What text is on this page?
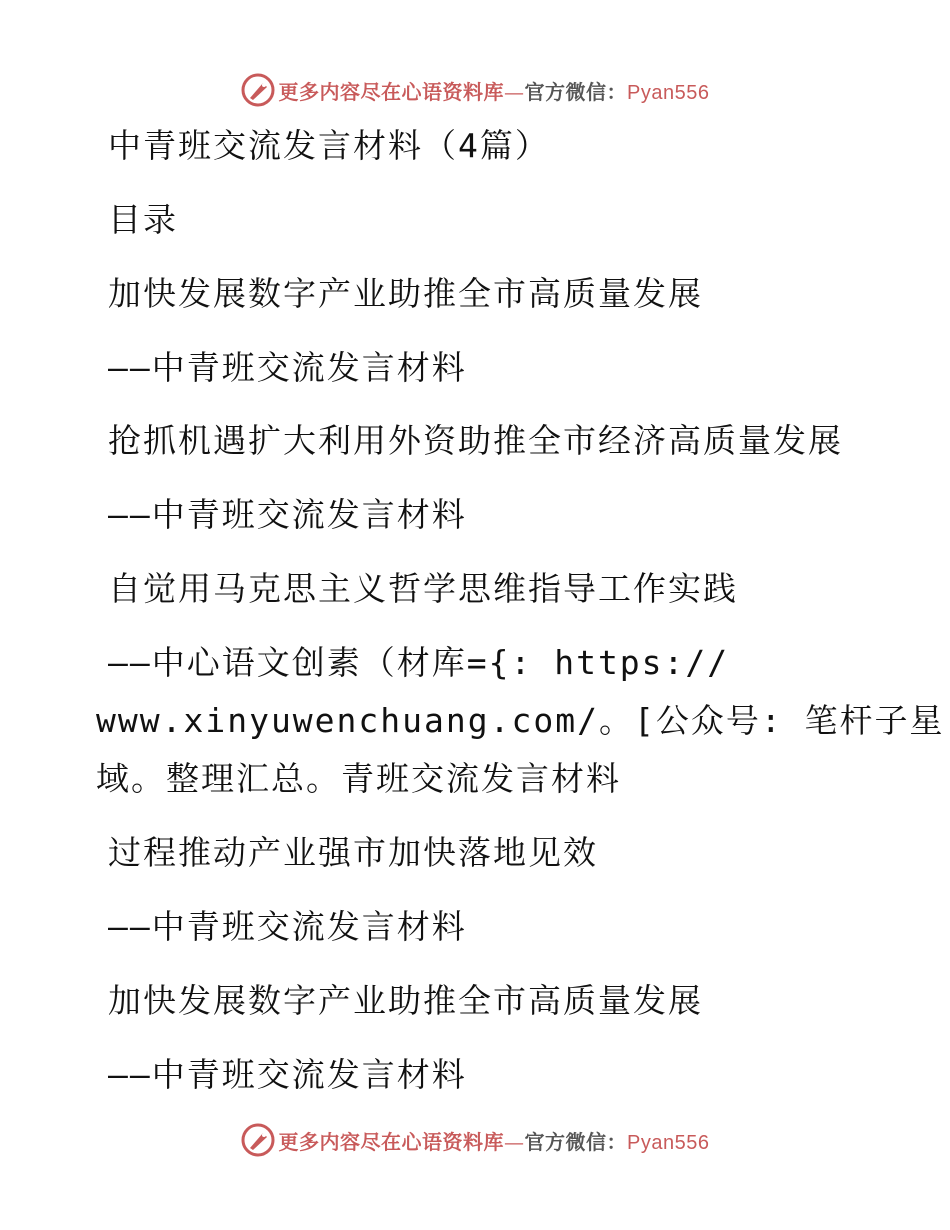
更多内容尽在心语资料库—官方微信：Pyan556
中青班交流发言材料（4篇）
目录
加快发展数字产业助推全市高质量发展
——中青班交流发言材料
抢抓机遇扩大利用外资助推全市经济高质量发展
——中青班交流发言材料
自觉用马克思主义哲学思维指导工作实践
——中心语文创素（材库={: https://
www.xinyuwenchuang.com/。[公众号: 笔杆子星
域。整理汇总。青班交流发言材料
过程推动产业强市加快落地见效
——中青班交流发言材料
加快发展数字产业助推全市高质量发展
——中青班交流发言材料
更多内容尽在心语资料库—官方微信：Pyan556
